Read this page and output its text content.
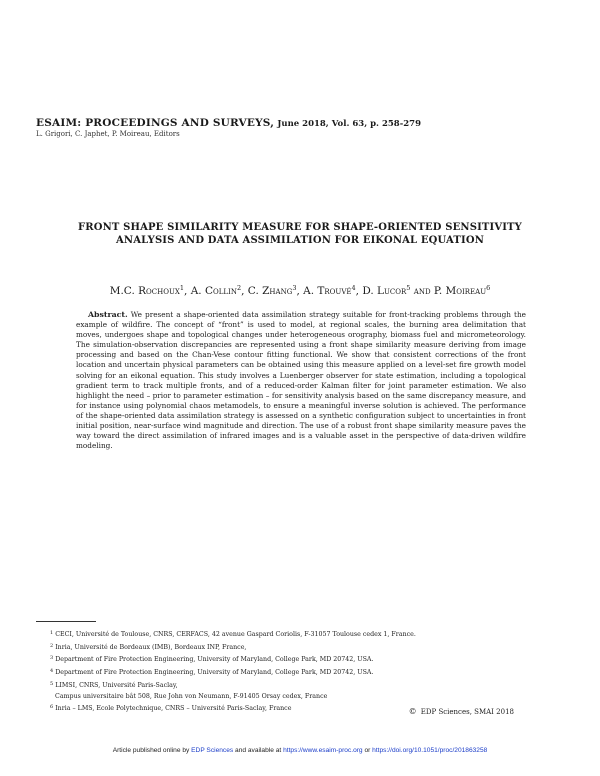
ESAIM: PROCEEDINGS AND SURVEYS, June 2018, Vol. 63, p. 258-279
L. Grigori, C. Japhet, P. Moireau, Editors
FRONT SHAPE SIMILARITY MEASURE FOR SHAPE-ORIENTED SENSITIVITY ANALYSIS AND DATA ASSIMILATION FOR EIKONAL EQUATION
M.C. Rochoux$^1$, A. Collin$^2$, C. Zhang$^3$, A. Trouvé$^4$, D. Lucor$^5$ and P. Moireau$^6$
Abstract. We present a shape-oriented data assimilation strategy suitable for front-tracking problems through the example of wildfire. The concept of “front” is used to model, at regional scales, the burning area delimitation that moves, undergoes shape and topological changes under heterogeneous orography, biomass fuel and micrometeorology. The simulation-observation discrepancies are represented using a front shape similarity measure deriving from image processing and based on the Chan-Vese contour fitting functional. We show that consistent corrections of the front location and uncertain physical parameters can be obtained using this measure applied on a level-set fire growth model solving for an eikonal equation. This study involves a Luenberger observer for state estimation, including a topological gradient term to track multiple fronts, and of a reduced-order Kalman filter for joint parameter estimation. We also highlight the need – prior to parameter estimation – for sensitivity analysis based on the same discrepancy measure, and for instance using polynomial chaos metamodels, to ensure a meaningful inverse solution is achieved. The performance of the shape-oriented data assimilation strategy is assessed on a synthetic configuration subject to uncertainties in front initial position, near-surface wind magnitude and direction. The use of a robust front shape similarity measure paves the way toward the direct assimilation of infrared images and is a valuable asset in the perspective of data-driven wildfire modeling.
$^1$ CECI, Université de Toulouse, CNRS, CERFACS, 42 avenue Gaspard Coriolis, F-31057 Toulouse cedex 1, France.
$^2$ Inria, Université de Bordeaux (IMB), Bordeaux INP, France,
$^3$ Department of Fire Protection Engineering, University of Maryland, College Park, MD 20742, USA.
$^4$ Department of Fire Protection Engineering, University of Maryland, College Park, MD 20742, USA.
$^5$ LIMSI, CNRS, Université Paris-Saclay,
Campus universitaire bât 508, Rue John von Neumann, F-91405 Orsay cedex, France
$^6$ Inria – LMS, Ecole Polytechnique, CNRS – Université Paris-Saclay, France	© EDP Sciences, SMAI 2018
Article published online by EDP Sciences and available at https://www.esaim-proc.org or https://doi.org/10.1051/proc/201863258
